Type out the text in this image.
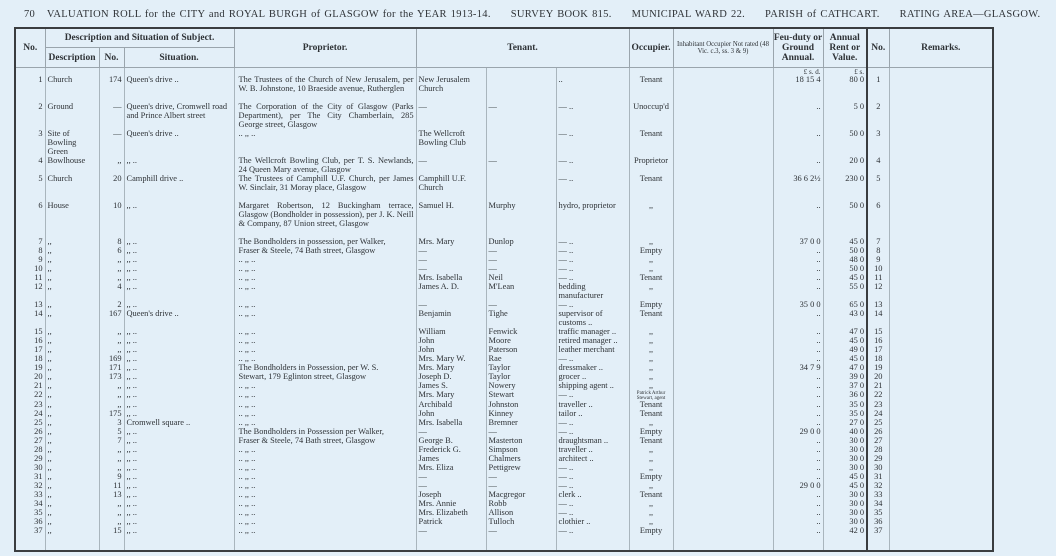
70 VALUATION ROLL for the CITY and ROYAL BURGH of GLASGOW for the YEAR 1913-14. SURVEY BOOK 815. MUNICIPAL WARD 22. PARISH of CATHCART. RATING AREA—GLASGOW.
No.	Description and Situation of Subject.			Proprietor.	Tenant.			Occupier.	Inhabitant Occupier Not rated (48 Vic. c.3, ss. 3 & 9)	Feu-duty or Ground Annual.	Annual Rent or Value.	No.	Remarks.
	Description	No.	Situation.										
										£ s. d.	£ s.		
1	Church	174	Queen's drive ..	The Trustees of the Church of New Jerusalem, per W. B. Johnstone, 10 Braeside avenue, Rutherglen	New Jerusalem Church		..	Tenant		18 15 4	80 0	1	
2	Ground	—	Queen's drive, Cromwell road and Prince Albert street	The Corporation of the City of Glasgow (Parks Department), per The City Chamberlain, 285 George street, Glasgow	—	—	— ..	Unoccup'd		..	5 0	2	
3	Site of Bowling Green	—	Queen's drive ..	.. ,, ..	The Wellcroft Bowling Club		— ..	Tenant		..	50 0	3	
4	Bowlhouse	,,	,, ..	The Wellcroft Bowling Club, per T. S. Newlands, 24 Queen Mary avenue, Glasgow	—	—	— ..	Proprietor		..	20 0	4	
5	Church	20	Camphill drive ..	The Trustees of Camphill U.F. Church, per James W. Sinclair, 31 Moray place, Glasgow	Camphill U.F. Church		— ..	Tenant		36 6 2½	230 0	5	
6	House	10	,, ..	Margaret Robertson, 12 Buckingham terrace, Glasgow (Bondholder in possession), per J. K. Neill & Company, 87 Union street, Glasgow	Samuel H.	Murphy	hydro, proprietor	,,		..	50 0	6	
7	,,	8	,, ..	The Bondholders in possession, per Walker,	Mrs. Mary	Dunlop	— ..	,,		37 0 0	45 0	7	
8	,,	6	,, ..	Fraser & Steele, 74 Bath street, Glasgow	—	—	— ..	Empty		..	50 0	8	
9	,,	,,	,, ..	.. ,, ..	—	—	— ..	,,		..	48 0	9	
10	,,	,,	,, ..	.. ,, ..	—	—	— ..	,,		..	50 0	10	
11	,,	,,	,, ..	.. ,, ..	Mrs. Isabella	Neil	— ..	Tenant		..	45 0	11	
12	,,	4	,, ..	.. ,, ..	James A. D.	M'Lean	bedding manufacturer	,,		..	55 0	12	
13	,,	2	,, ..	.. ,, ..	—	—	— ..	Empty		35 0 0	65 0	13	
14	,,	167	Queen's drive ..	.. ,, ..	Benjamin	Tighe	supervisor of customs ..	Tenant		..	43 0	14	
15	,,	,,	,, ..	.. ,, ..	William	Fenwick	traffic manager ..	,,		..	47 0	15	
16	,,	,,	,, ..	.. ,, ..	John	Moore	retired manager ..	,,		..	45 0	16	
17	,,	,,	,, ..	.. ,, ..	John	Paterson	leather merchant	,,		..	49 0	17	
18	,,	169	,, ..	.. ,, ..	Mrs. Mary W.	Rae	— ..	,,		..	45 0	18	
19	,,	171	,, ..	The Bondholders in Possession, per W. S.	Mrs. Mary	Taylor	dressmaker ..	,,		34 7 9	47 0	19	
20	,,	173	,, ..	Stewart, 179 Eglinton street, Glasgow	Joseph D.	Taylor	grocer ..	,,		..	39 0	20	
21	,,	,,	,, ..	.. ,, ..	James S.	Nowery	shipping agent ..	,,		..	37 0	21	
22	,,	,,	,, ..	.. ,, ..	Mrs. Mary	Stewart	— ..	Patrick Arthur Stewart, agent		..	36 0	22	
23	,,	,,	,, ..	.. ,, ..	Archibald	Johnston	traveller ..	Tenant		..	35 0	23	
24	,,	175	,, ..	.. ,, ..	John	Kinney	tailor ..	Tenant		..	35 0	24	
25	,,	3	Cromwell square ..	.. ,, ..	Mrs. Isabella	Bremner	— ..	,,		..	27 0	25	
26	,,	5	,, ..	The Bondholders in Possession per Walker,	—	—	— ..	Empty		29 0 0	40 0	26	
27	,,	7	,, ..	Fraser & Steele, 74 Bath street, Glasgow	George B.	Masterton	draughtsman ..	Tenant		..	30 0	27	
28	,,	,,	,, ..	.. ,, ..	Frederick G.	Simpson	traveller ..	,,		..	30 0	28	
29	,,	,,	,, ..	.. ,, ..	James	Chalmers	architect ..	,,		..	30 0	29	
30	,,	,,	,, ..	.. ,, ..	Mrs. Eliza	Pettigrew	— ..	,,		..	30 0	30	
31	,,	9	,, ..	.. ,, ..	—	—	— ..	Empty		..	45 0	31	
32	,,	11	,, ..	.. ,, ..	—	—	— ..	,,		29 0 0	45 0	32	
33	,,	13	,, ..	.. ,, ..	Joseph	Macgregor	clerk ..	Tenant		..	30 0	33	
34	,,	,,	,, ..	.. ,, ..	Mrs. Annie	Robb	— ..	,,		..	30 0	34	
35	,,	,,	,, ..	.. ,, ..	Mrs. Elizabeth	Allison	— ..	,,		..	30 0	35	
36	,,	,,	,, ..	.. ,, ..	Patrick	Tulloch	clothier ..	,,		..	30 0	36	
37	,,	15	,, ..	.. ,, ..	—	—	— ..	Empty		..	42 0	37	
